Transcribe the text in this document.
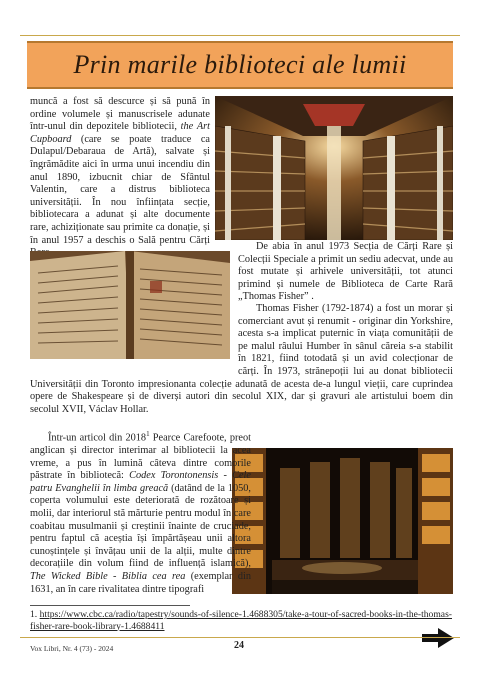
Prin marile biblioteci ale lumii

muncă a fost să descurce și să pună în ordine volumele și manuscrisele adunate într-unul din depozitele bibliotecii, the Art Cupboard (care se poate traduce ca Dulapul/Debaraua de Artă), salvate și îngrămădite aici în urma unui incendiu din anul 1890, izbucnit chiar de Sfântul Valentin, care a distrus biblioteca universității. În nou înființata secție, bibliotecara a adunat și alte documente rare, achiziționate sau primite ca donație, și în anul 1957 a deschis o Sală pentru Cărți

De abia în anul 1973 Secția de Cărți Rare și Colecții Speciale a primit un sediu adecvat, unde au fost mutate și arhivele universității, tot atunci primind și numele de Biblioteca de Carte Rară „Thomas Fisher” .

Thomas Fisher (1792-1874) a fost un morar și comerciant avut și renumit - originar din Yorkshire, acesta s-a implicat puternic în viața comunității de pe malul râului Humber în sânul căreia s-a stabilit în 1821, fiind totodată și un avid colecționar de cărți. În 1973, strănepoții lui au donat bibliotecii Universității din Toronto impresionanta colecție adunată de acesta de-a lungul vieții, care cuprindea opere de Shakespeare și de diverși autori din secolul XIX, dar și gravuri ale artistului boem din secolul XVII, Václav Hollar.

Într-un articol din 2018$^1$ Pearce Carefoote, preot anglican și director interimar al bibliotecii la acea vreme, a pus în lumină câteva dintre comorile păstrate în bibliotecă: Codex Torontonensis - Cele patru Evanghelii în limba greacă (datând de la 1050, coperta volumului este deteriorată de rozătoare și molii, dar interiorul stă mărturie pentru modul în care coabitau musulmanii și creștinii înainte de cruciade, pentru faptul că aceștia își împărtășeau unii altora cunoștințele și învățau unii de la alții, multe dintre decorațiile din volum fiind de influență islamică), The Wicked Bible - Biblia cea rea (exemplar din 1631, an în care rivalitatea dintre tipografi

1. https://www.cbc.ca/radio/tapestry/sounds-of-silence-1.4688305/take-a-tour-of-sacred-books-in-the-thomas-fisher-rare-book-library-1.4688411
Vox Libri, Nr. 4 (73) - 2024	24
